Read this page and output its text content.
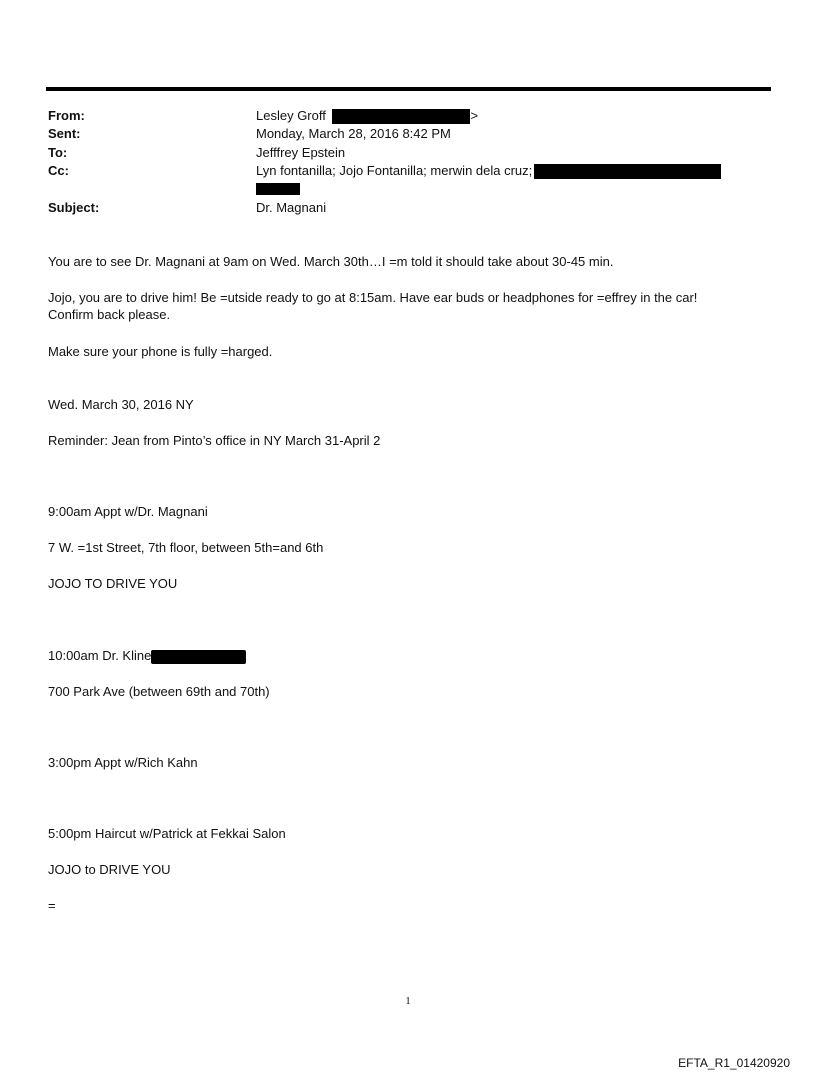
From:	Lesley Groff	>
Sent:	Monday, March 28, 2016 8:42 PM
To:	Jefffrey Epstein
Cc:	Lyn fontanilla; Jojo Fontanilla; merwin dela cruz;
Subject:	Dr. Magnani
You are to see Dr. Magnani at 9am on Wed. March 30th…I =m told it should take about 30-45 min.
Jojo, you are to drive him! Be =utside ready to go at 8:15am. Have ear buds or headphones for =effrey in the car!
Confirm back please.
Make sure your phone is fully =harged.
Wed. March 30, 2016 NY
Reminder: Jean from Pinto’s office in NY March 31-April 2
9:00am Appt w/Dr. Magnani
7 W. =1st Street, 7th floor, between 5th=and 6th
JOJO TO DRIVE YOU
10:00am Dr. Kline
700 Park Ave (between 69th and 70th)
3:00pm Appt w/Rich Kahn
5:00pm Haircut w/Patrick at Fekkai Salon
JOJO to DRIVE YOU
=
1
EFTA_R1_01420920
